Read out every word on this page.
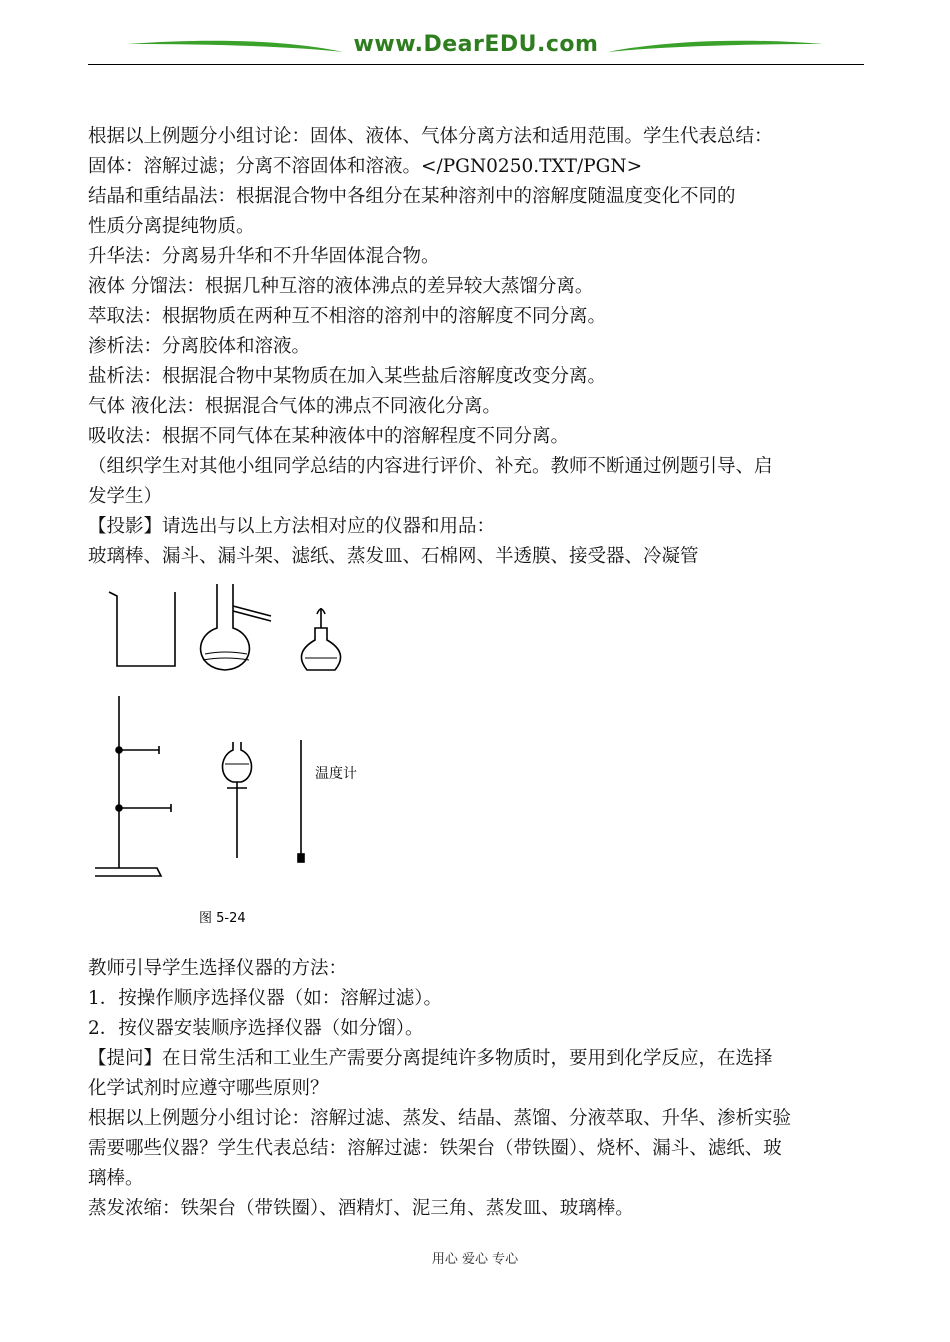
www.DearEDU.com

根据以上例题分小组讨论：固体、液体、气体分离方法和适用范围。学生代表总结：

固体：溶解过滤；分离不溶固体和溶液。</PGN0250.TXT/PGN>

结晶和重结晶法：根据混合物中各组分在某种溶剂中的溶解度随温度变化不同的

性质分离提纯物质。

升华法：分离易升华和不升华固体混合物。

液体 分馏法：根据几种互溶的液体沸点的差异较大蒸馏分离。

萃取法：根据物质在两种互不相溶的溶剂中的溶解度不同分离。

渗析法：分离胶体和溶液。

盐析法：根据混合物中某物质在加入某些盐后溶解度改变分离。

气体 液化法：根据混合气体的沸点不同液化分离。

吸收法：根据不同气体在某种液体中的溶解程度不同分离。

（组织学生对其他小组同学总结的内容进行评价、补充。教师不断通过例题引导、启

发学生）

【投影】请选出与以上方法相对应的仪器和用品：

玻璃棒、漏斗、漏斗架、滤纸、蒸发皿、石棉网、半透膜、接受器、冷凝管

温度计
图 5-24

教师引导学生选择仪器的方法：

1．按操作顺序选择仪器（如：溶解过滤）。

2．按仪器安装顺序选择仪器（如分馏）。

【提问】在日常生活和工业生产需要分离提纯许多物质时，要用到化学反应，在选择

化学试剂时应遵守哪些原则？

根据以上例题分小组讨论：溶解过滤、蒸发、结晶、蒸馏、分液萃取、升华、渗析实验

需要哪些仪器？学生代表总结：溶解过滤：铁架台（带铁圈）、烧杯、漏斗、滤纸、玻

璃棒。

蒸发浓缩：铁架台（带铁圈）、酒精灯、泥三角、蒸发皿、玻璃棒。

用心 爱心 专心
